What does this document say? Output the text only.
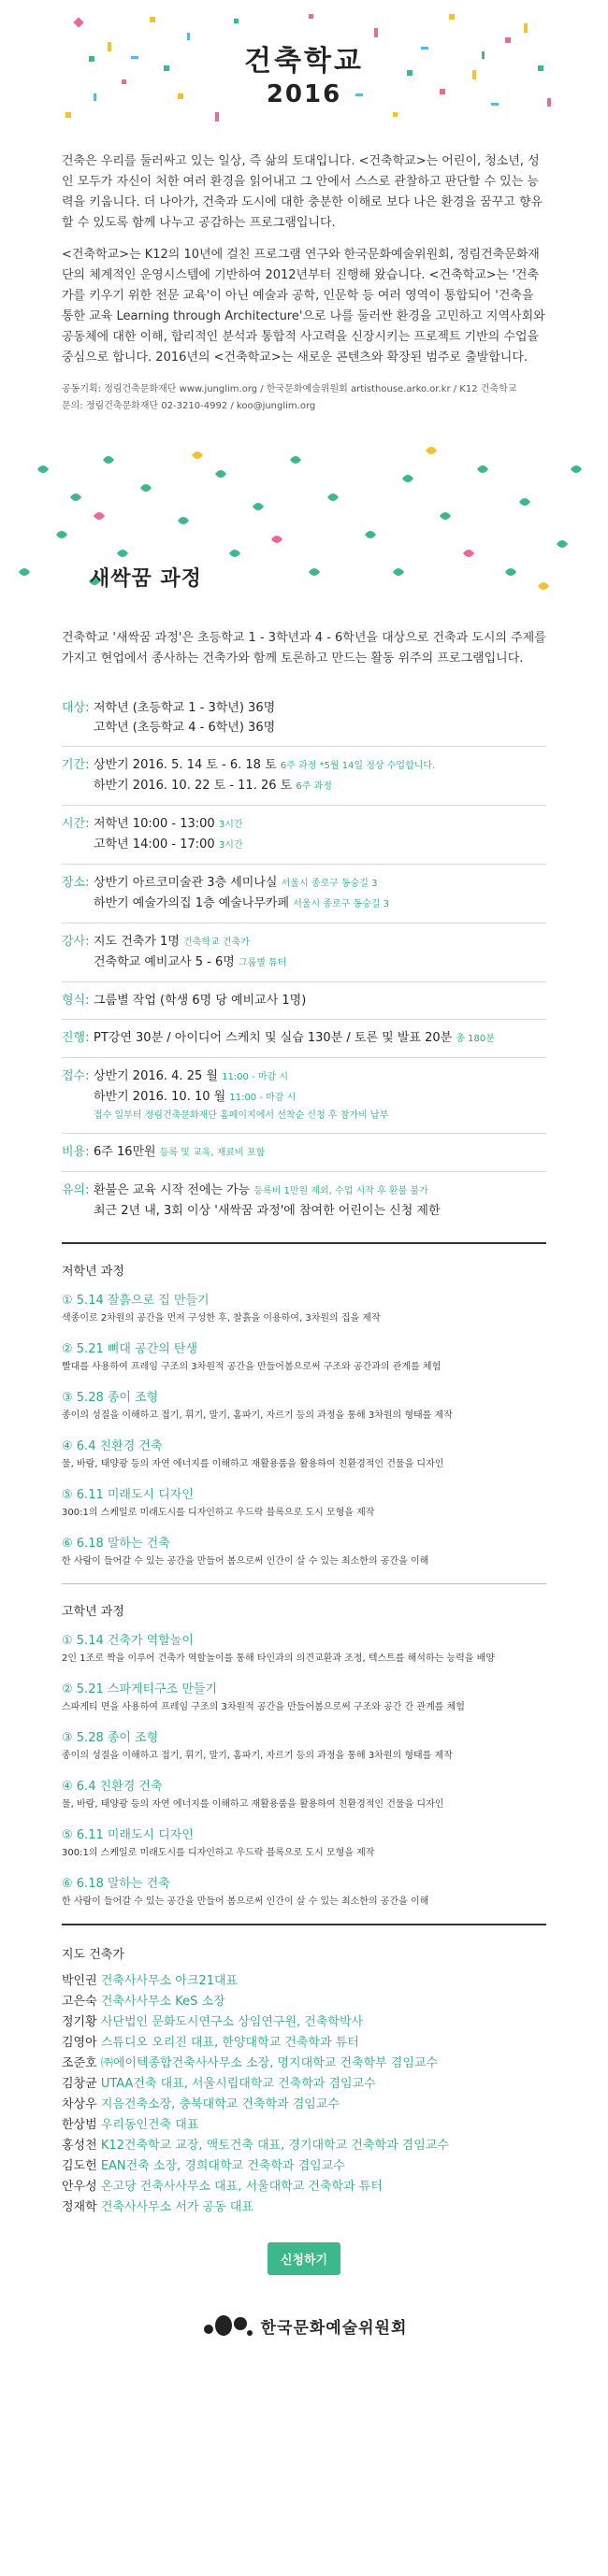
건축학교
2016

건축은 우리를 둘러싸고 있는 일상, 즉 삶의 토대입니다. <건축학교>는 어린이, 청소년, 성인 모두가 자신이 처한 여러 환경을 읽어내고 그 안에서 스스로 관찰하고 판단할 수 있는 능력을 키웁니다. 더 나아가, 건축과 도시에 대한 충분한 이해로 보다 나은 환경을 꿈꾸고 향유할 수 있도록 함께 나누고 공감하는 프로그램입니다.

<건축학교>는 K12의 10년에 걸친 프로그램 연구와 한국문화예술위원회, 정림건축문화재단의 체계적인 운영시스템에 기반하여 2012년부터 진행해 왔습니다. <건축학교>는 '건축가를 키우기 위한 전문 교육'이 아닌 예술과 공학, 인문학 등 여러 영역이 통합되어 '건축을 통한 교육 Learning through Architecture'으로 나를 둘러싼 환경을 고민하고 지역사회와 공동체에 대한 이해, 합리적인 분석과 통합적 사고력을 신장시키는 프로젝트 기반의 수업을 중심으로 합니다. 2016년의 <건축학교>는 새로운 콘텐츠와 확장된 범주로 출발합니다.

공동기획: 정림건축문화재단 www.junglim.org / 한국문화예술위원회 artisthouse.arko.or.kr / K12 건축학교
문의: 정림건축문화재단 02-3210-4992 / koo@junglim.org
새싹꿈 과정
건축학교 '새싹꿈 과정'은 초등학교 1 - 3학년과 4 - 6학년을 대상으로 건축과 도시의 주제를 가지고 현업에서 종사하는 건축가와 함께 토론하고 만드는 활동 위주의 프로그램입니다.
대상: 저학년 (초등학교 1 - 3학년) 36명
고학년 (초등학교 4 - 6학년) 36명
기간: 상반기 2016. 5. 14 토 - 6. 18 토 6주 과정 *5월 14일 정상 수업합니다.
하반기 2016. 10. 22 토 - 11. 26 토 6주 과정
시간: 저학년 10:00 - 13:00 3시간
고학년 14:00 - 17:00 3시간
장소: 상반기 아르코미술관 3층 세미나실 서울시 종로구 동숭길 3
하반기 예술가의집 1층 예술나무카페 서울시 종로구 동숭길 3
강사: 지도 건축가 1명 건축학교 건축가
건축학교 예비교사 5 - 6명 그룹별 튜터
형식: 그룹별 작업 (학생 6명 당 예비교사 1명)
진행: PT강연 30분 / 아이디어 스케치 및 실습 130분 / 토론 및 발표 20분 총 180분
접수: 상반기 2016. 4. 25 월 11:00 - 마감 시
하반기 2016. 10. 10 월 11:00 - 마감 시
접수 일부터 정림건축문화재단 홈페이지에서 선착순 신청 후 참가비 납부
비용: 6주 16만원 등록 및 교육, 재료비 포함
유의: 환불은 교육 시작 전에는 가능 등록비 1만원 제외, 수업 시작 후 환불 불가
최근 2년 내, 3회 이상 '새싹꿈 과정'에 참여한 어린이는 신청 제한
저학년 과정
① 5.14 잘흙으로 집 만들기
색종이로 2차원의 공간을 먼저 구성한 후, 찰흙을 이용하여, 3차원의 집을 제작
② 5.21 뼈대 공간의 탄생
빨대를 사용하여 프레임 구조의 3차원적 공간을 만들어봄으로써 구조와 공간과의 관계를 체험
③ 5.28 종이 조형
종이의 성질을 이해하고 접기, 휘기, 말기, 홈파기, 자르기 등의 과정을 통해 3차원의 형태를 제작
④ 6.4 친환경 건축
물, 바람, 태양광 등의 자연 에너지를 이해하고 재활용품을 활용하여 친환경적인 건물을 디자인
⑤ 6.11 미래도시 디자인
300:1의 스케일로 미래도시를 디자인하고 우드락 블록으로 도시 모형을 제작
⑥ 6.18 말하는 건축
한 사람이 들어갈 수 있는 공간을 만들어 봄으로써 인간이 살 수 있는 최소한의 공간을 이해
고학년 과정
① 5.14 건축가 역할놀이
2인 1조로 짝을 이루어 건축가 역할놀이를 통해 타인과의 의견교환과 조정, 텍스트를 해석하는 능력을 배양
② 5.21 스파게티구조 만들기
스파게티 면을 사용하여 프레임 구조의 3차원적 공간을 만들어봄으로써 구조와 공간 간 관계를 체험
③ 5.28 종이 조형
종이의 성질을 이해하고 접기, 휘기, 말기, 홈파기, 자르기 등의 과정을 통해 3차원의 형태를 제작
④ 6.4 친환경 건축
물, 바람, 태양광 등의 자연 에너지를 이해하고 재활용품을 활용하여 친환경적인 건물을 디자인
⑤ 6.11 미래도시 디자인
300:1의 스케일로 미래도시를 디자인하고 우드락 블록으로 도시 모형을 제작
⑥ 6.18 말하는 건축
한 사람이 들어갈 수 있는 공간을 만들어 봄으로써 인간이 살 수 있는 최소한의 공간을 이해
지도 건축가
박인권 건축사사무소 아크21대표
고은숙 건축사사무소 KeS 소장
정기황 사단법인 문화도시연구소 상임연구원, 건축학박사
김영아 스튜디오 오리진 대표, 한양대학교 건축학과 튜터
조준호 ㈜에이텍종합건축사사무소 소장, 명지대학교 건축학부 겸임교수
김창균 UTAA건축 대표, 서울시립대학교 건축학과 겸임교수
차상우 지음건축소장, 충북대학교 건축학과 겸임교수
한상범 우리동인건축 대표
홍성천 K12건축학교 교장, 액토건축 대표, 경기대학교 건축학과 겸임교수
김도헌 EAN건축 소장, 경희대학교 건축학과 겸임교수
안우성 온고당 건축사사무소 대표, 서울대학교 건축학과 튜터
정재학 건축사사무소 서가 공동 대표
신청하기
한국문화예술위원회
